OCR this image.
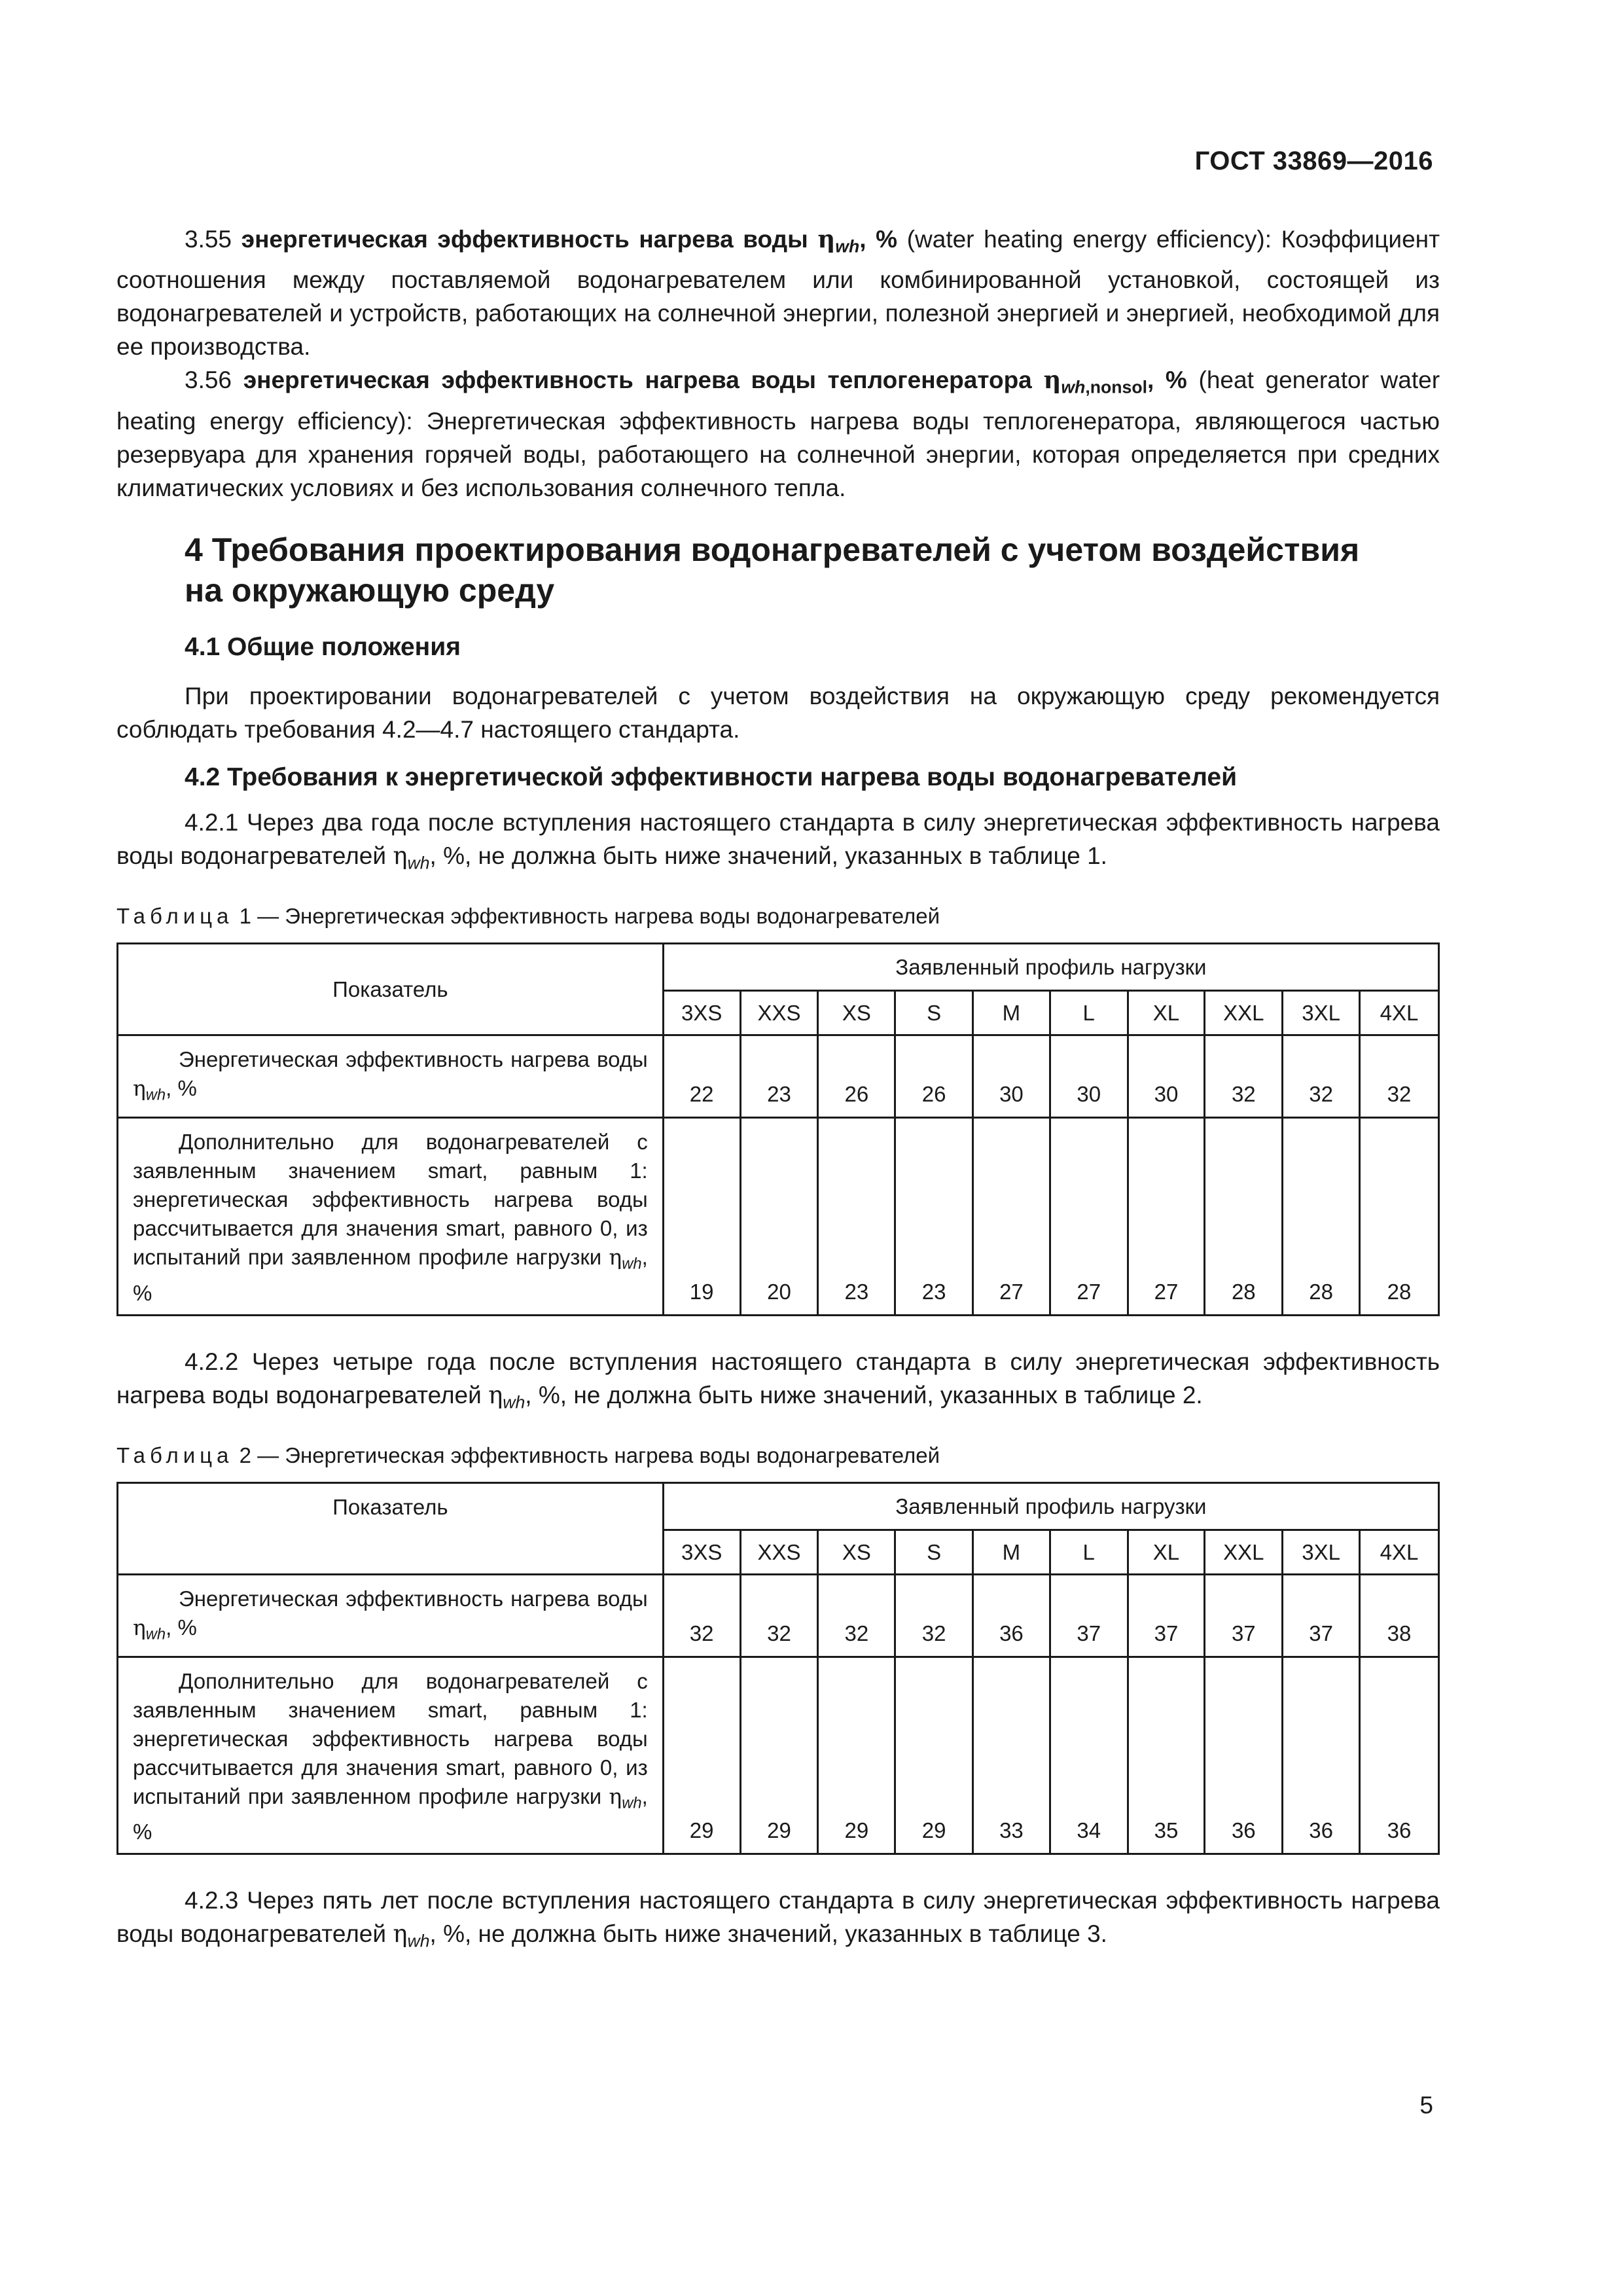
ГОСТ 33869—2016

3.55 энергетическая эффективность нагрева воды $\eta_{wh}$, % (water heating energy efficiency): Коэффициент соотношения между поставляемой водонагревателем или комбинированной установкой, состоящей из водонагревателей и устройств, работающих на солнечной энергии, полезной энергией и энергией, необходимой для ее производства.

3.56 энергетическая эффективность нагрева воды теплогенератора $\eta_{wh,nonsol}$, % (heat generator water heating energy efficiency): Энергетическая эффективность нагрева воды теплогенератора, являющегося частью резервуара для хранения горячей воды, работающего на солнечной энергии, которая определяется при средних климатических условиях и без использования солнечного тепла.

4 Требования проектирования водонагревателей с учетом воздействия на окружающую среду
4.1 Общие положения

При проектировании водонагревателей с учетом воздействия на окружающую среду рекомендуется соблюдать требования 4.2—4.7 настоящего стандарта.

4.2 Требования к энергетической эффективности нагрева воды водонагревателей

4.2.1 Через два года после вступления настоящего стандарта в силу энергетическая эффективность нагрева воды водонагревателей $\eta_{wh}$, %, не должна быть ниже значений, указанных в таблице 1.

Таблица 1 — Энергетическая эффективность нагрева воды водонагревателей

Показатель	Заявленный профиль нагрузки									
	3XS	XXS	XS	S	M	L	XL	XXL	3XL	4XL
Энергетическая эффективность нагрева воды $\eta_{wh}$, %	22	23	26	26	30	30	30	32	32	32
Дополнительно для водонагревателей с заявленным значением smart, равным 1: энергетическая эффективность нагрева воды рассчитывается для значения smart, равного 0, из испытаний при заявленном профиле нагрузки $\eta_{wh}$, %	19	20	23	23	27	27	27	28	28	28

4.2.2 Через четыре года после вступления настоящего стандарта в силу энергетическая эффективность нагрева воды водонагревателей $\eta_{wh}$, %, не должна быть ниже значений, указанных в таблице 2.

Таблица 2 — Энергетическая эффективность нагрева воды водонагревателей

Показатель	Заявленный профиль нагрузки									
	3XS	XXS	XS	S	M	L	XL	XXL	3XL	4XL
Энергетическая эффективность нагрева воды $\eta_{wh}$, %	32	32	32	32	36	37	37	37	37	38
Дополнительно для водонагревателей с заявленным значением smart, равным 1: энергетическая эффективность нагрева воды рассчитывается для значения smart, равного 0, из испытаний при заявленном профиле нагрузки $\eta_{wh}$, %	29	29	29	29	33	34	35	36	36	36

4.2.3 Через пять лет после вступления настоящего стандарта в силу энергетическая эффективность нагрева воды водонагревателей $\eta_{wh}$, %, не должна быть ниже значений, указанных в таблице 3.

5
